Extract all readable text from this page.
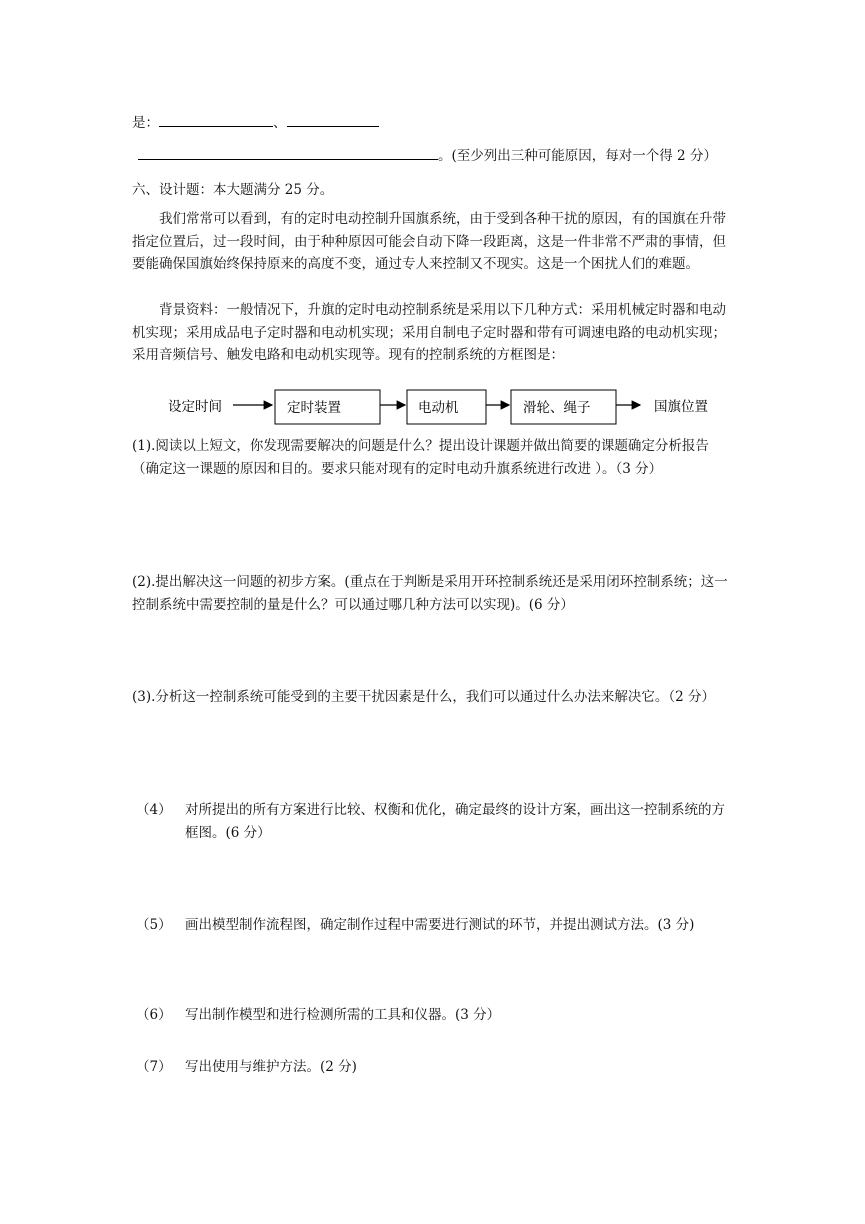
是：	、
。(至少列出三种可能原因，每对一个得 2 分）
六、设计题：本大题满分 25 分。
我们常常可以看到，有的定时电动控制升国旗系统，由于受到各种干扰的原因，有的国旗在升带指定位置后，过一段时间，由于种种原因可能会自动下降一段距离，这是一件非常不严肃的事情，但要能确保国旗始终保持原来的高度不变，通过专人来控制又不现实。这是一个困扰人们的难题。
背景资料：一般情况下，升旗的定时电动控制系统是采用以下几种方式：采用机械定时器和电动机实现；采用成品电子定时器和电动机实现；采用自制电子定时器和带有可调速电路的电动机实现；采用音频信号、触发电路和电动机实现等。现有的控制系统的方框图是：
设定时间	定时装置	电动机	滑轮、绳子	国旗位置
(1).阅读以上短文，你发现需要解决的问题是什么？提出设计课题并做出简要的课题确定分析报告（确定这一课题的原因和目的。要求只能对现有的定时电动升旗系统进行改进 ）。（3 分）
(2).提出解决这一问题的初步方案。(重点在于判断是采用开环控制系统还是采用闭环控制系统；这一控制系统中需要控制的量是什么？可以通过哪几种方法可以实现)。(6 分）
(3).分析这一控制系统可能受到的主要干扰因素是什么，我们可以通过什么办法来解决它。（2 分）
（4） 对所提出的所有方案进行比较、权衡和优化，确定最终的设计方案，画出这一控制系统的方框图。(6 分）
（5） 画出模型制作流程图，确定制作过程中需要进行测试的环节，并提出测试方法。(3 分)
（6） 写出制作模型和进行检测所需的工具和仪器。(3 分）
（7） 写出使用与维护方法。(2 分)
